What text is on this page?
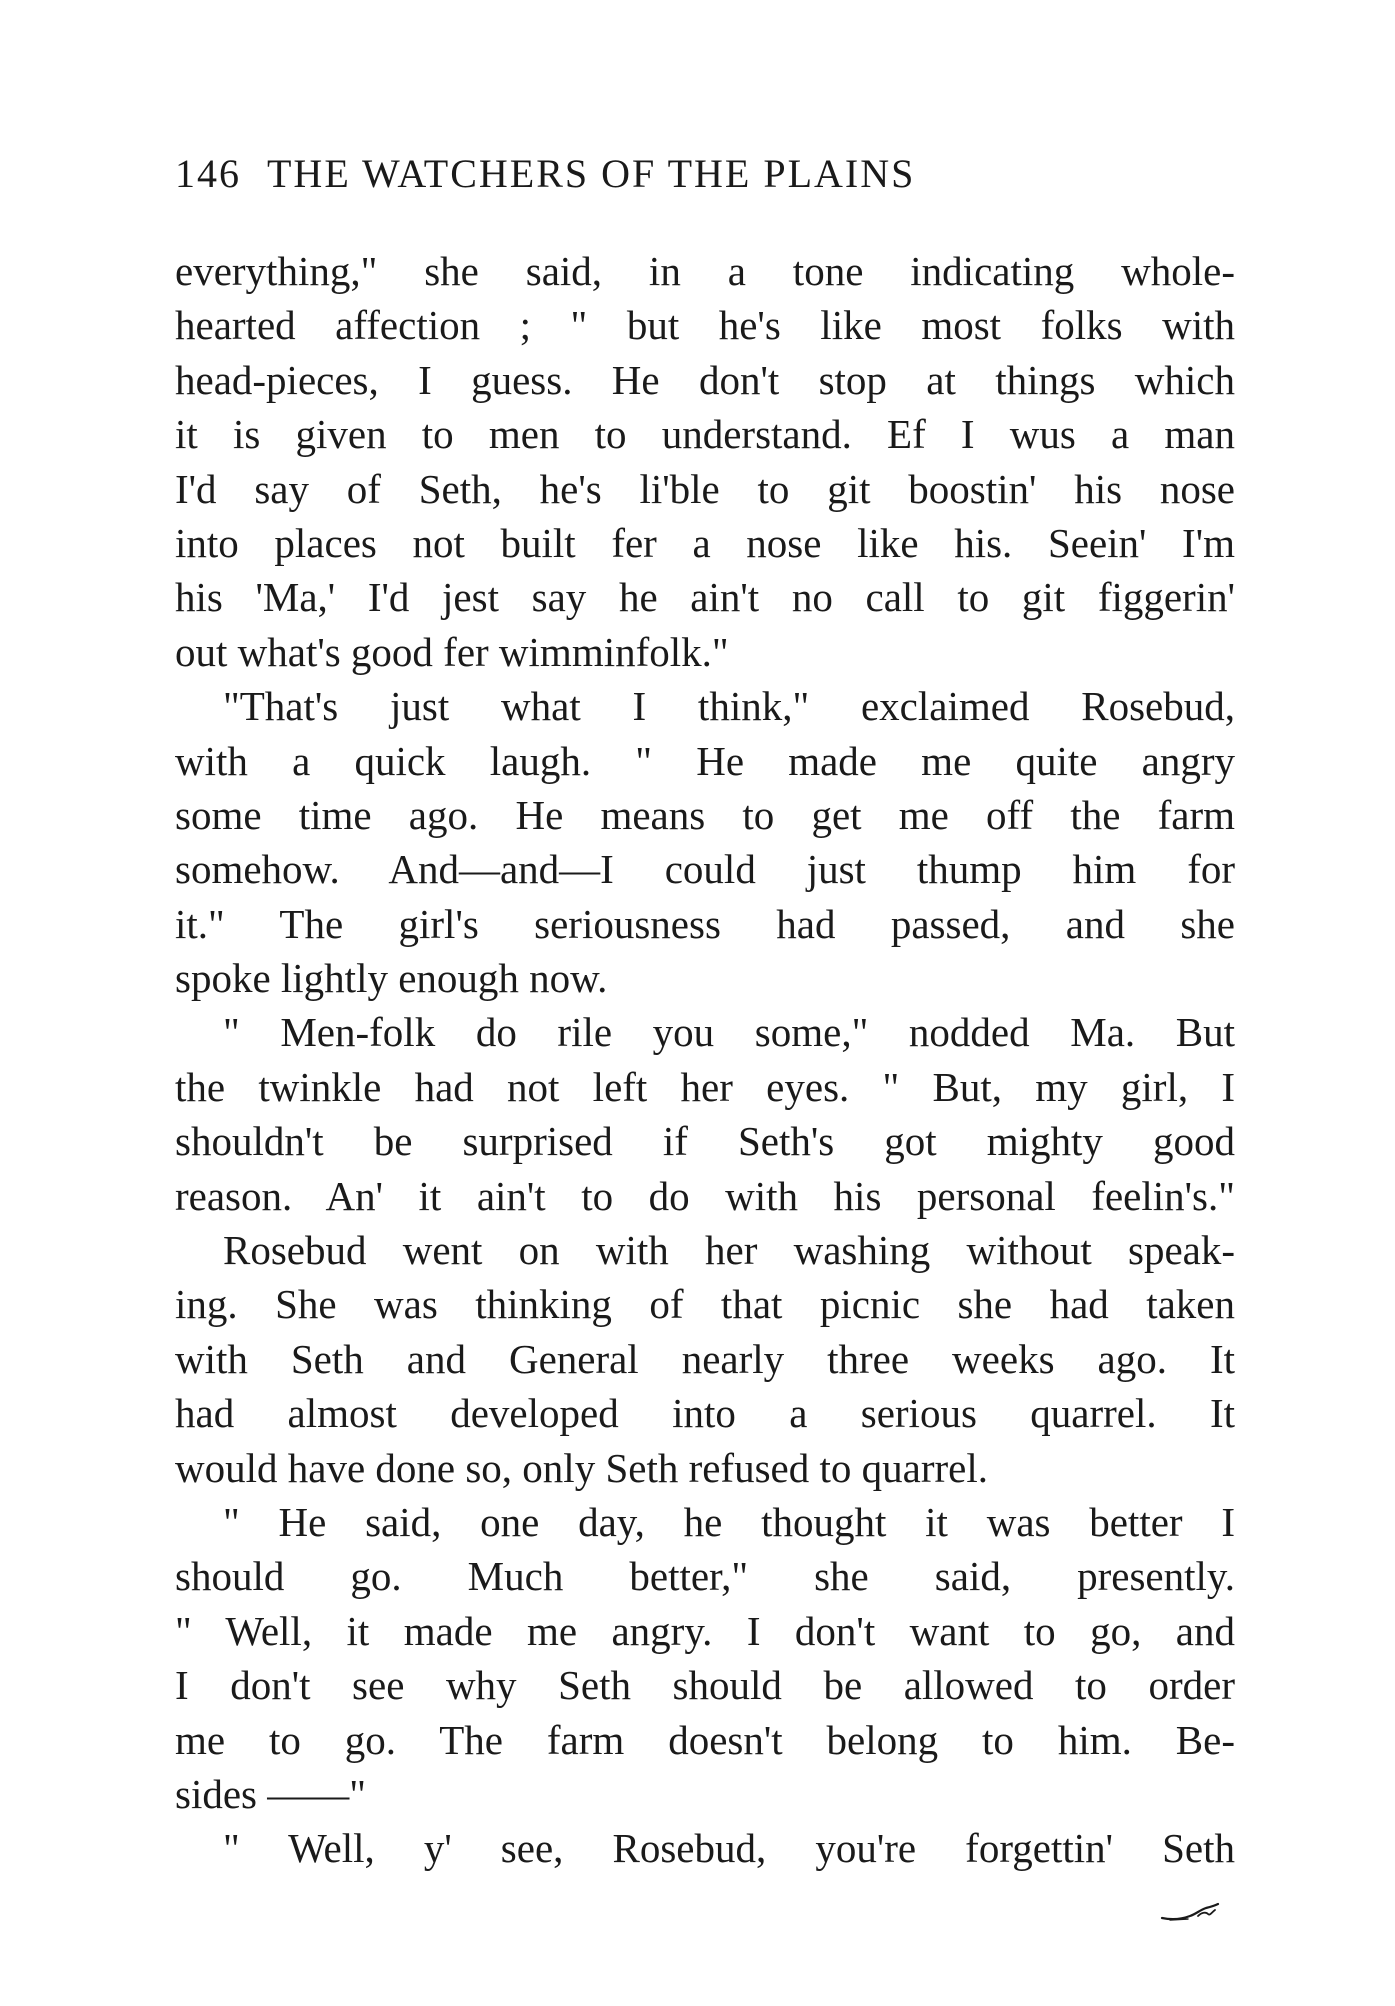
146 THE WATCHERS OF THE PLAINS
everything," she said, in a tone indicating whole-
hearted affection ; " but he's like most folks with
head-pieces, I guess. He don't stop at things which
it is given to men to understand. Ef I wus a man
I'd say of Seth, he's li'ble to git boostin' his nose
into places not built fer a nose like his. Seein' I'm
his 'Ma,' I'd jest say he ain't no call to git figgerin'
out what's good fer wimminfolk."
"That's just what I think," exclaimed Rosebud,
with a quick laugh. " He made me quite angry
some time ago. He means to get me off the farm
somehow. And—and—I could just thump him for
it." The girl's seriousness had passed, and she
spoke lightly enough now.
" Men-folk do rile you some," nodded Ma. But
the twinkle had not left her eyes. " But, my girl, I
shouldn't be surprised if Seth's got mighty good
reason. An' it ain't to do with his personal feelin's."
Rosebud went on with her washing without speak-
ing. She was thinking of that picnic she had taken
with Seth and General nearly three weeks ago. It
had almost developed into a serious quarrel. It
would have done so, only Seth refused to quarrel.
" He said, one day, he thought it was better I
should go. Much better," she said, presently.
" Well, it made me angry. I don't want to go, and
I don't see why Seth should be allowed to order
me to go. The farm doesn't belong to him. Be-
sides ——"
" Well, y' see, Rosebud, you're forgettin' Seth
